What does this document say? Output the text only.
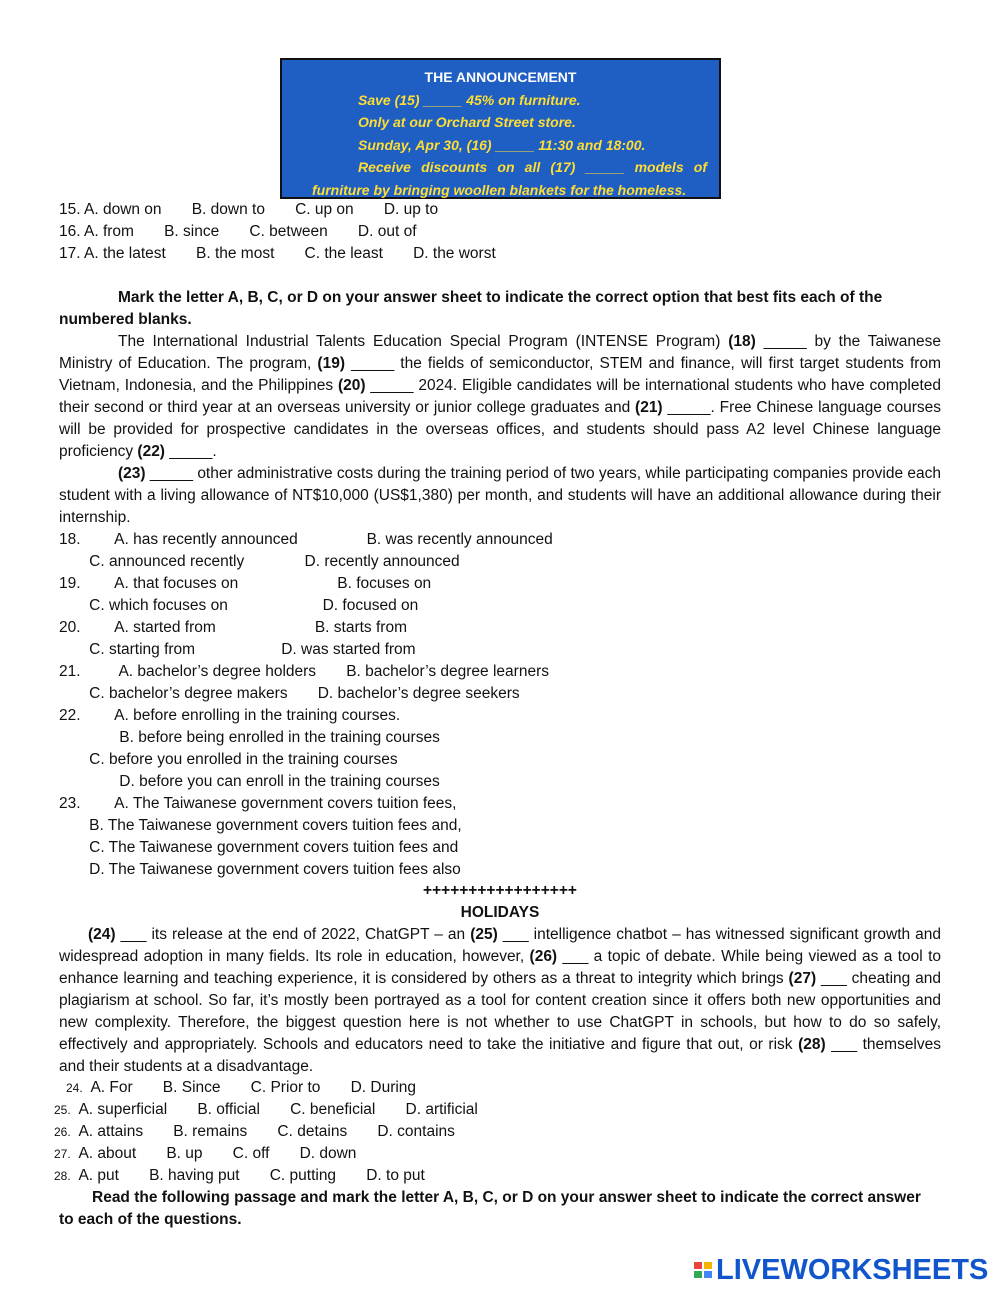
THE ANNOUNCEMENT
Save (15) _____ 45% on furniture.
Only at our Orchard Street store.
Sunday, Apr 30, (16) _____ 11:30 and 18:00.
Receive discounts on all (17) _____ models of
furniture by bringing woollen blankets for the homeless.
15. A. down on       B. down to       C. up on       D. up to
16. A. from       B. since       C. between       D. out of
17. A. the latest       B. the most       C. the least       D. the worst
Mark the letter A, B, C, or D on your answer sheet to indicate the correct option that best fits each of the
numbered blanks.

The International Industrial Talents Education Special Program (INTENSE Program) (18) _____ by the Taiwanese Ministry of Education. The program, (19) _____ the fields of semiconductor, STEM and finance, will first target students from Vietnam, Indonesia, and the Philippines (20) _____ 2024. Eligible candidates will be international students who have completed their second or third year at an overseas university or junior college graduates and (21) _____. Free Chinese language courses will be provided for prospective candidates in the overseas offices, and students should pass A2 level Chinese language proficiency (22) _____.

(23) _____ other administrative costs during the training period of two years, while participating companies provide each student with a living allowance of NT$10,000 (US$1,380) per month, and students will have an additional allowance during their internship.

18.        A. has recently announced                B. was recently announced
C. announced recently              D. recently announced
19.        A. that focuses on                       B. focuses on
C. which focuses on                      D. focused on
20.        A. started from                       B. starts from
C. starting from                    D. was started from
21.         A. bachelor’s degree holders       B. bachelor’s degree learners
C. bachelor’s degree makers       D. bachelor’s degree seekers
22.        A. before enrolling in the training courses.
B. before being enrolled in the training courses
C. before you enrolled in the training courses
D. before you can enroll in the training courses
23.        A. The Taiwanese government covers tuition fees,
B. The Taiwanese government covers tuition fees and,
C. The Taiwanese government covers tuition fees and
D. The Taiwanese government covers tuition fees also
+++++++++++++++++
HOLIDAYS

(24) ___ its release at the end of 2022, ChatGPT – an (25) ___ intelligence chatbot – has witnessed significant growth and widespread adoption in many fields. Its role in education, however, (26) ___ a topic of debate. While being viewed as a tool to enhance learning and teaching experience, it is considered by others as a threat to integrity which brings (27) ___ cheating and plagiarism at school. So far, it’s mostly been portrayed as a tool for content creation since it offers both new opportunities and new complexity. Therefore, the biggest question here is not whether to use ChatGPT in schools, but how to do so safely, effectively and appropriately. Schools and educators need to take the initiative and figure that out, or risk (28) ___ themselves and their students at a disadvantage.

24.  A. For       B. Since       C. Prior to       D. During
25.  A. superficial       B. official       C. beneficial       D. artificial
26.  A. attains       B. remains       C. detains       D. contains
27.  A. about       B. up       C. off       D. down
28.  A. put       B. having put       C. putting       D. to put
Read the following passage and mark the letter A, B, C, or D on your answer sheet to indicate the correct answer
to each of the questions.
LIVEWORKSHEETS
